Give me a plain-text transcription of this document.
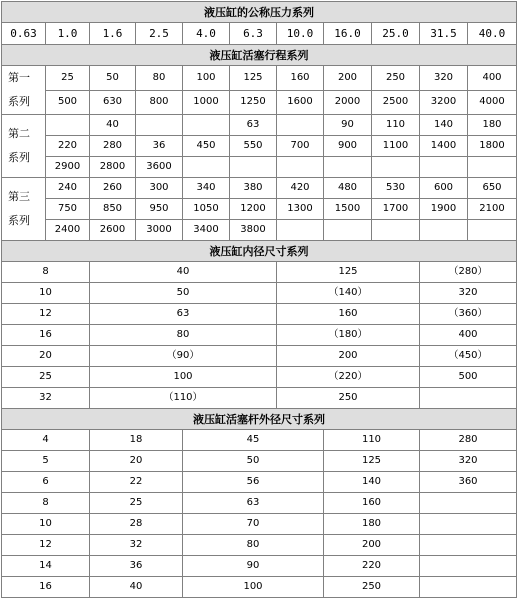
液压缸的公称压力系列										
0.63	1.0	1.6	2.5	4.0	6.3	10.0	16.0	25.0	31.5	40.0
液压缸活塞行程系列										

第一
系列	25	50	80	100	125	160	200	250	320	400
	500	630	800	1000	1250	1600	2000	2500	3200	4000

第二
系列		40			63		90	110	140	180
	220	280	36	450	550	700	900	1100	1400	1800
	2900	2800	3600							

第三
系列	240	260	300	340	380	420	480	530	600	650
	750	850	950	1050	1200	1300	1500	1700	1900	2100
	2400	2600	3000	3400	3800					
液压缸内径尺寸系列										
8		40				125			（280）	
10		50				（140）			320	
12		63				160			（360）	
16		80				（180）			400	
20		（90）				200			（450）	
25		100				（220）			500	
32		（110）				250				
液压缸活塞杆外径尺寸系列										
4		18		45			110		280	
5		20		50			125		320	
6		22		56			140		360	
8		25		63			160			
10		28		70			180			
12		32		80			200			
14		36		90			220			
16		40		100			250			
